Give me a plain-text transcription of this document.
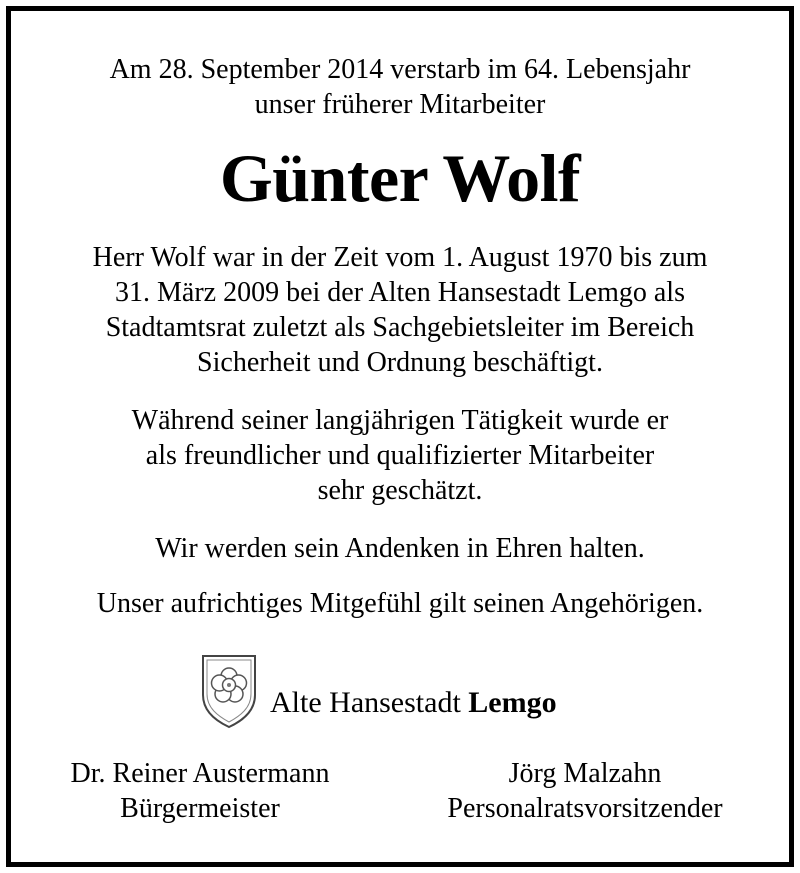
Am 28. September 2014 verstarb im 64. Lebensjahr
unser früherer Mitarbeiter
Günter Wolf
Herr Wolf war in der Zeit vom 1. August 1970 bis zum
31. März 2009 bei der Alten Hansestadt Lemgo als
Stadtamtsrat zuletzt als Sachgebietsleiter im Bereich
Sicherheit und Ordnung beschäftigt.
Während seiner langjährigen Tätigkeit wurde er
als freundlicher und qualifizierter Mitarbeiter
sehr geschätzt.
Wir werden sein Andenken in Ehren halten.
Unser aufrichtiges Mitgefühl gilt seinen Angehörigen.
Alte Hansestadt Lemgo
Dr. Reiner Austermann
Bürgermeister
Jörg Malzahn
Personalratsvorsitzender
